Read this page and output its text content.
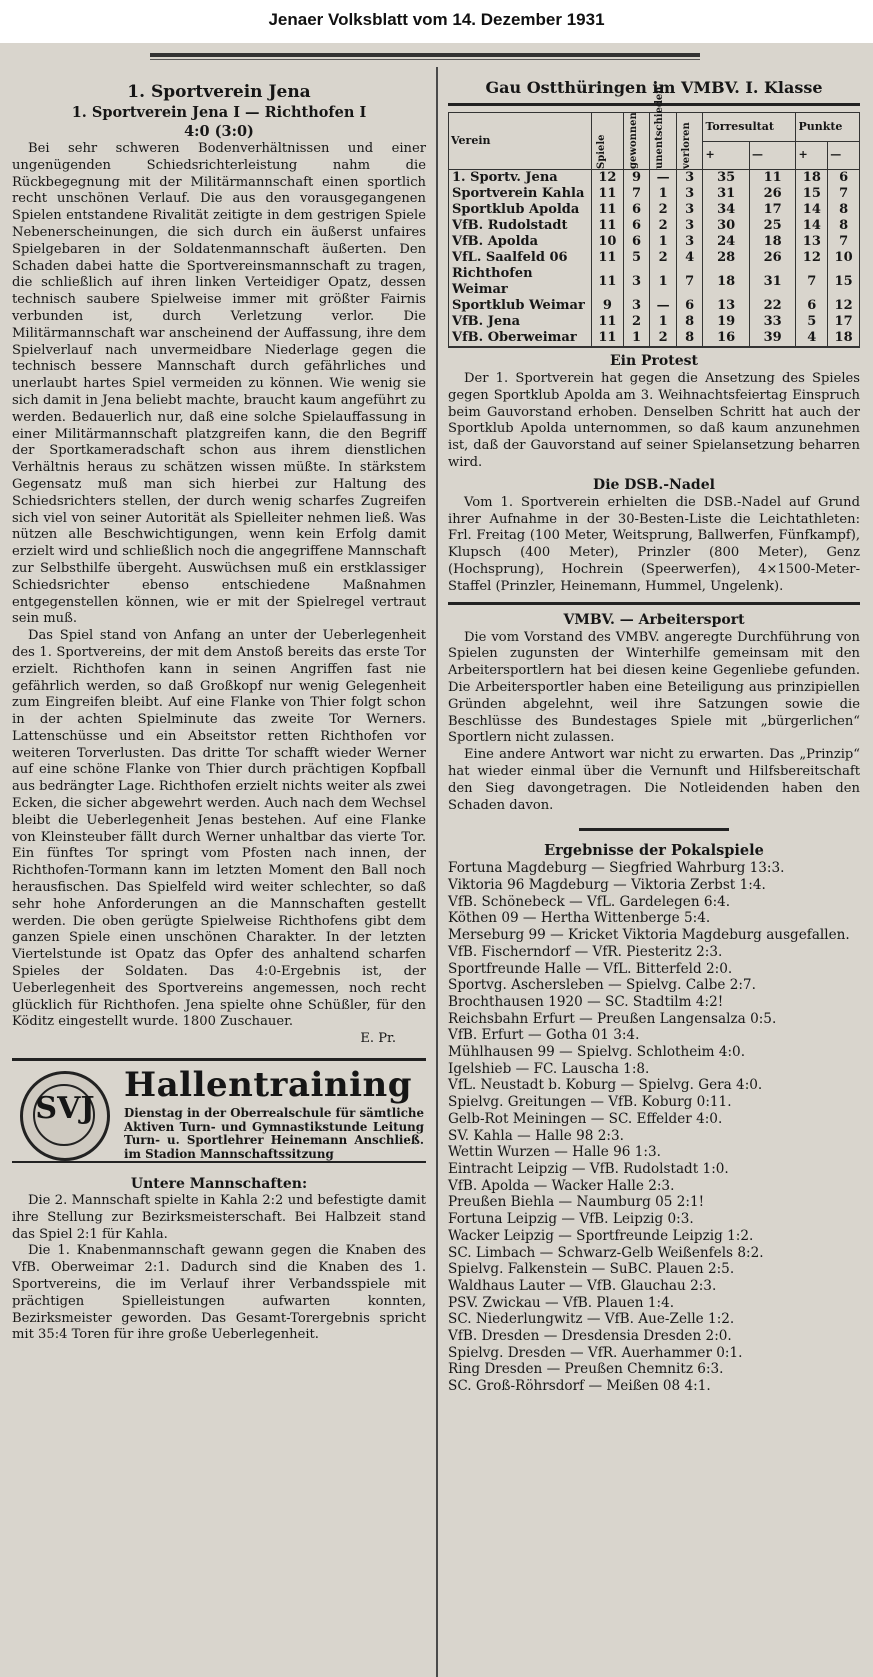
Jenaer Volksblatt vom 14. Dezember 1931
1. Sportverein Jena
1. Sportverein Jena I — Richthofen I
4:0 (3:0)

Bei sehr schweren Bodenverhältnissen und einer ungenügenden Schiedsrichterleistung nahm die Rückbegegnung mit der Militärmannschaft einen sportlich recht unschönen Verlauf. Die aus den vorausgegangenen Spielen entstandene Rivalität zeitigte in dem gestrigen Spiele Nebenerscheinungen, die sich durch ein äußerst unfaires Spielgebaren in der Soldatenmannschaft äußerten. Den Schaden dabei hatte die Sportvereinsmannschaft zu tragen, die schließlich auf ihren linken Verteidiger Opatz, dessen technisch saubere Spielweise immer mit größter Fairnis verbunden ist, durch Verletzung verlor. Die Militärmannschaft war anscheinend der Auffassung, ihre dem Spielverlauf nach unvermeidbare Niederlage gegen die technisch bessere Mannschaft durch gefährliches und unerlaubt hartes Spiel vermeiden zu können. Wie wenig sie sich damit in Jena beliebt machte, braucht kaum angeführt zu werden. Bedauerlich nur, daß eine solche Spielauffassung in einer Militärmannschaft platzgreifen kann, die den Begriff der Sportkameradschaft schon aus ihrem dienstlichen Verhältnis heraus zu schätzen wissen müßte. In stärkstem Gegensatz muß man sich hierbei zur Haltung des Schiedsrichters stellen, der durch wenig scharfes Zugreifen sich viel von seiner Autorität als Spielleiter nehmen ließ. Was nützen alle Beschwichtigungen, wenn kein Erfolg damit erzielt wird und schließlich noch die angegriffene Mannschaft zur Selbsthilfe übergeht. Auswüchsen muß ein erstklassiger Schiedsrichter ebenso entschiedene Maßnahmen entgegenstellen können, wie er mit der Spielregel vertraut sein muß.

Das Spiel stand von Anfang an unter der Ueberlegenheit des 1. Sportvereins, der mit dem Anstoß bereits das erste Tor erzielt. Richthofen kann in seinen Angriffen fast nie gefährlich werden, so daß Großkopf nur wenig Gelegenheit zum Eingreifen bleibt. Auf eine Flanke von Thier folgt schon in der achten Spielminute das zweite Tor Werners. Lattenschüsse und ein Abseitstor retten Richthofen vor weiteren Torverlusten. Das dritte Tor schafft wieder Werner auf eine schöne Flanke von Thier durch prächtigen Kopfball aus bedrängter Lage. Richthofen erzielt nichts weiter als zwei Ecken, die sicher abgewehrt werden. Auch nach dem Wechsel bleibt die Ueberlegenheit Jenas bestehen. Auf eine Flanke von Kleinsteuber fällt durch Werner unhaltbar das vierte Tor. Ein fünftes Tor springt vom Pfosten nach innen, der Richthofen-Tormann kann im letzten Moment den Ball noch herausfischen. Das Spielfeld wird weiter schlechter, so daß sehr hohe Anforderungen an die Mannschaften gestellt werden. Die oben gerügte Spielweise Richthofens gibt dem ganzen Spiele einen unschönen Charakter. In der letzten Viertelstunde ist Opatz das Opfer des anhaltend scharfen Spieles der Soldaten. Das 4:0-Ergebnis ist, der Ueberlegenheit des Sportvereins angemessen, noch recht glücklich für Richthofen. Jena spielte ohne Schüßler, für den Köditz eingestellt wurde. 1800 Zuschauer.

E. Pr.
SVJ
Hallentraining
Dienstag in der Oberrealschule für sämtliche Aktiven Turn- und Gymnastikstunde Leitung Turn- u. Sportlehrer Heinemann Anschließ. im Stadion Mannschaftssitzung
Untere Mannschaften:

Die 2. Mannschaft spielte in Kahla 2:2 und befestigte damit ihre Stellung zur Bezirksmeisterschaft. Bei Halbzeit stand das Spiel 2:1 für Kahla.

Die 1. Knabenmannschaft gewann gegen die Knaben des VfB. Oberweimar 2:1. Dadurch sind die Knaben des 1. Sportvereins, die im Verlauf ihrer Verbandsspiele mit prächtigen Spielleistungen aufwarten konnten, Bezirksmeister geworden. Das Gesamt-Torergebnis spricht mit 35:4 Toren für ihre große Ueberlegenheit.

Gau Ostthüringen im VMBV. I. Klasse
Verein	Spiele	gewonnen	unentschieden	verloren	Torresultat		Punkte	
					+	—	+	—
1. Sportv. Jena	12	9	—	3	35	11	18	6
Sportverein Kahla	11	7	1	3	31	26	15	7
Sportklub Apolda	11	6	2	3	34	17	14	8
VfB. Rudolstadt	11	6	2	3	30	25	14	8
VfB. Apolda	10	6	1	3	24	18	13	7
VfL. Saalfeld 06	11	5	2	4	28	26	12	10
Richthofen Weimar	11	3	1	7	18	31	7	15
Sportklub Weimar	9	3	—	6	13	22	6	12
VfB. Jena	11	2	1	8	19	33	5	17
VfB. Oberweimar	11	1	2	8	16	39	4	18
Ein Protest

Der 1. Sportverein hat gegen die Ansetzung des Spieles gegen Sportklub Apolda am 3. Weihnachtsfeiertag Einspruch beim Gauvorstand erhoben. Denselben Schritt hat auch der Sportklub Apolda unternommen, so daß kaum anzunehmen ist, daß der Gauvorstand auf seiner Spielansetzung beharren wird.

Die DSB.-Nadel

Vom 1. Sportverein erhielten die DSB.-Nadel auf Grund ihrer Aufnahme in der 30-Besten-Liste die Leichtathleten: Frl. Freitag (100 Meter, Weitsprung, Ballwerfen, Fünfkampf), Klupsch (400 Meter), Prinzler (800 Meter), Genz (Hochsprung), Hochrein (Speerwerfen), 4×1500-Meter-Staffel (Prinzler, Heinemann, Hummel, Ungelenk).

VMBV. — Arbeitersport

Die vom Vorstand des VMBV. angeregte Durchführung von Spielen zugunsten der Winterhilfe gemeinsam mit den Arbeitersportlern hat bei diesen keine Gegenliebe gefunden. Die Arbeitersportler haben eine Beteiligung aus prinzipiellen Gründen abgelehnt, weil ihre Satzungen sowie die Beschlüsse des Bundestages Spiele mit „bürgerlichen“ Sportlern nicht zulassen.

Eine andere Antwort war nicht zu erwarten. Das „Prinzip“ hat wieder einmal über die Vernunft und Hilfsbereitschaft den Sieg davongetragen. Die Notleidenden haben den Schaden davon.

Ergebnisse der Pokalspiele
Fortuna Magdeburg — Siegfried Wahrburg 13:3.
Viktoria 96 Magdeburg — Viktoria Zerbst 1:4.
VfB. Schönebeck — VfL. Gardelegen 6:4.
Köthen 09 — Hertha Wittenberge 5:4.
Merseburg 99 — Kricket Viktoria Magdeburg ausgefallen.
VfB. Fischerndorf — VfR. Piesteritz 2:3.
Sportfreunde Halle — VfL. Bitterfeld 2:0.
Sportvg. Aschersleben — Spielvg. Calbe 2:7.
Brochthausen 1920 — SC. Stadtilm 4:2!
Reichsbahn Erfurt — Preußen Langensalza 0:5.
VfB. Erfurt — Gotha 01 3:4.
Mühlhausen 99 — Spielvg. Schlotheim 4:0.
Igelshieb — FC. Lauscha 1:8.
VfL. Neustadt b. Koburg — Spielvg. Gera 4:0.
Spielvg. Greitungen — VfB. Koburg 0:11.
Gelb-Rot Meiningen — SC. Effelder 4:0.
SV. Kahla — Halle 98 2:3.
Wettin Wurzen — Halle 96 1:3.
Eintracht Leipzig — VfB. Rudolstadt 1:0.
VfB. Apolda — Wacker Halle 2:3.
Preußen Biehla — Naumburg 05 2:1!
Fortuna Leipzig — VfB. Leipzig 0:3.
Wacker Leipzig — Sportfreunde Leipzig 1:2.
SC. Limbach — Schwarz-Gelb Weißenfels 8:2.
Spielvg. Falkenstein — SuBC. Plauen 2:5.
Waldhaus Lauter — VfB. Glauchau 2:3.
PSV. Zwickau — VfB. Plauen 1:4.
SC. Niederlungwitz — VfB. Aue-Zelle 1:2.
VfB. Dresden — Dresdensia Dresden 2:0.
Spielvg. Dresden — VfR. Auerhammer 0:1.
Ring Dresden — Preußen Chemnitz 6:3.
SC. Groß-Röhrsdorf — Meißen 08 4:1.
